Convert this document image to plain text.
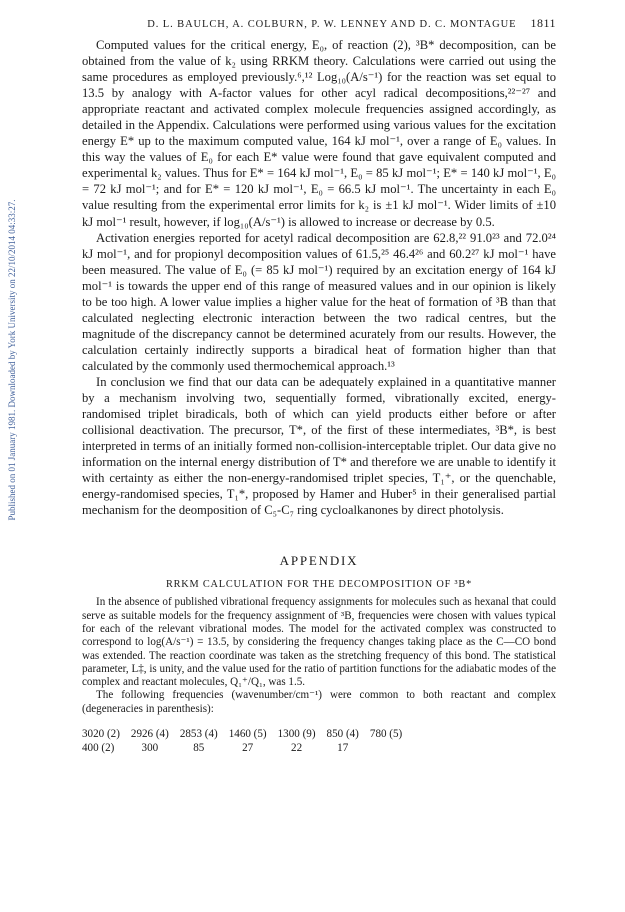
Published on 01 January 1981. Downloaded by York University on 22/10/2014 04:33:27.
D. L. BAULCH, A. COLBURN, P. W. LENNEY AND D. C. MONTAGUE 1811

Computed values for the critical energy, E₀, of reaction (2), ³B* decomposition, can be obtained from the value of k₂ using RRKM theory. Calculations were carried out using the same procedures as employed previously.⁶,¹² Log₁₀(A/s⁻¹) for the reaction was set equal to 13.5 by analogy with A-factor values for other acyl radical decompositions,²²⁻²⁷ and appropriate reactant and activated complex molecule frequencies assigned accordingly, as detailed in the Appendix. Calculations were performed using various values for the excitation energy E* up to the maximum computed value, 164 kJ mol⁻¹, over a range of E₀ values. In this way the values of E₀ for each E* value were found that gave equivalent computed and experimental k₂ values. Thus for E* = 164 kJ mol⁻¹, E₀ = 85 kJ mol⁻¹; E* = 140 kJ mol⁻¹, E₀ = 72 kJ mol⁻¹; and for E* = 120 kJ mol⁻¹, E₀ = 66.5 kJ mol⁻¹. The uncertainty in each E₀ value resulting from the experimental error limits for k₂ is ±1 kJ mol⁻¹. Wider limits of ±10 kJ mol⁻¹ result, however, if log₁₀(A/s⁻¹) is allowed to increase or decrease by 0.5.

Activation energies reported for acetyl radical decomposition are 62.8,²² 91.0²³ and 72.0²⁴ kJ mol⁻¹, and for propionyl decomposition values of 61.5,²⁵ 46.4²⁶ and 60.2²⁷ kJ mol⁻¹ have been measured. The value of E₀ (= 85 kJ mol⁻¹) required by an excitation energy of 164 kJ mol⁻¹ is towards the upper end of this range of measured values and in our opinion is likely to be too high. A lower value implies a higher value for the heat of formation of ³B than that calculated neglecting electronic interaction between the two radical centres, but the magnitude of the discrepancy cannot be determined acurately from our results. However, the calculation certainly indirectly supports a biradical heat of formation higher than that calculated by the commonly used thermochemical approach.¹³

In conclusion we find that our data can be adequately explained in a quantitative manner by a mechanism involving two, sequentially formed, vibrationally excited, energy-randomised triplet biradicals, both of which can yield products either before or after collisional deactivation. The precursor, T*, of the first of these intermediates, ³B*, is best interpreted in terms of an initially formed non-collision-interceptable triplet. Our data give no information on the internal energy distribution of T* and therefore we are unable to identify it with certainty as either the non-energy-randomised triplet species, T₁⁺, or the quenchable, energy-randomised species, T₁*, proposed by Hamer and Huber⁵ in their generalised partial mechanism for the deomposition of C₅-C₇ ring cycloalkanones by direct photolysis.

APPENDIX
RRKM CALCULATION FOR THE DECOMPOSITION OF ³B*

In the absence of published vibrational frequency assignments for molecules such as hexanal that could serve as suitable models for the frequency assignment of ³B, frequencies were chosen with values typical for each of the relevant vibrational modes. The model for the activated complex was constructed to correspond to log(A/s⁻¹) = 13.5, by considering the frequency changes taking place as the C—CO bond was extended. The reaction coordinate was taken as the stretching frequency of this bond. The statistical parameter, L‡, is unity, and the value used for the ratio of partition functions for the adiabatic modes of the complex and reactant molecules, Q₁⁺/Q₁, was 1.5.

The following frequencies (wavenumber/cm⁻¹) were common to both reactant and complex (degeneracies in parenthesis):

3020 (2)	2926 (4)	2853 (4)	1460 (5)	1300 (9)	850 (4)	780 (5)
400 (2)	300	85	27	22	17	
